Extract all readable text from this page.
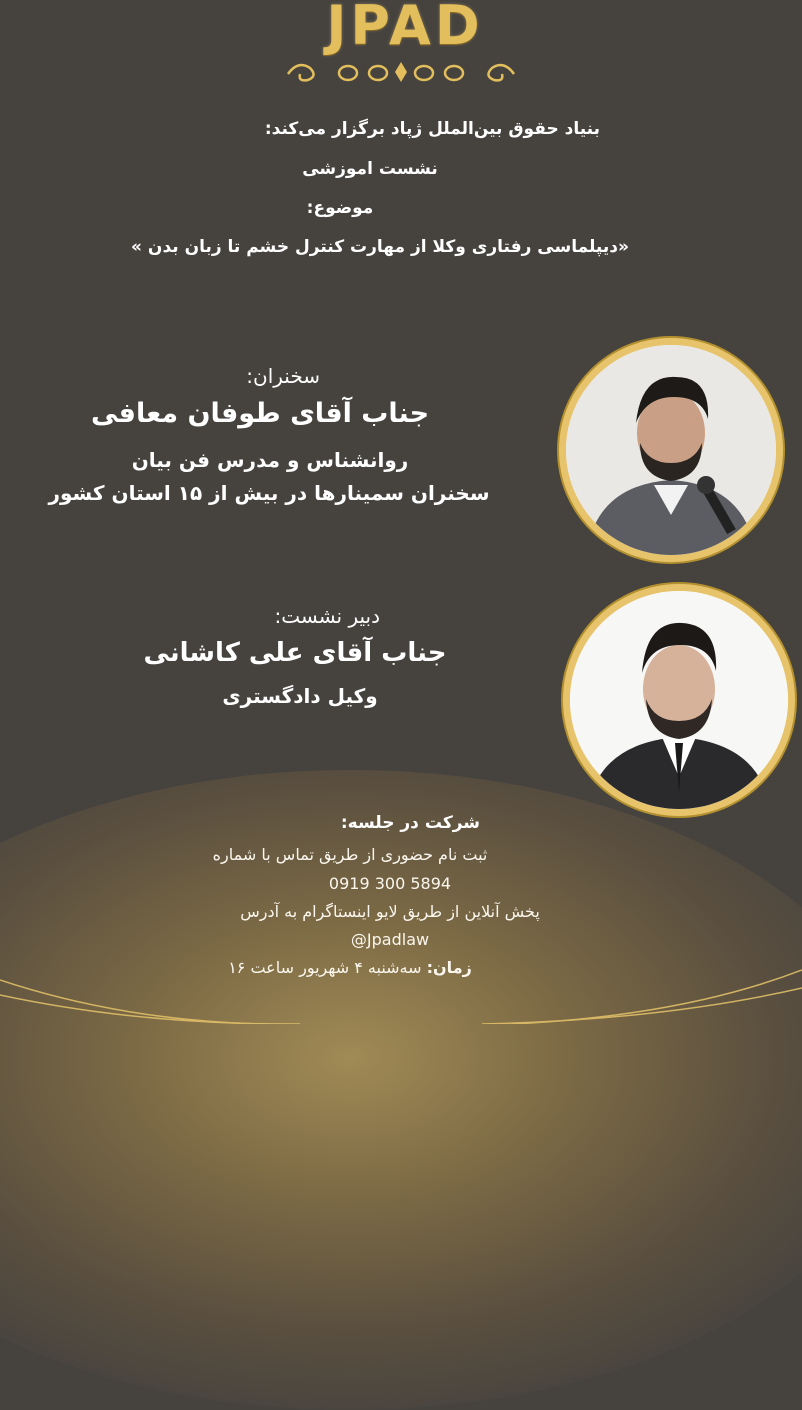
JPAD
بنیاد حقوق بین‌الملل ژپاد برگزار می‌کند:
نشست اموزشی
موضوع:
«دیپلماسی رفتاری وکلا از مهارت کنترل خشم تا زبان بدن »
سخنران:
جناب آقای طوفان معافی
روانشناس و مدرس فن بیان
سخنران سمینارها در بیش از ۱۵ استان کشور
دبیر نشست:
جناب آقای علی کاشانی
وکیل دادگستری
شرکت در جلسه:
ثبت نام حضوری از طریق تماس با شماره
0919 300 5894
پخش آنلاین از طریق لایو اینستاگرام به آدرس
@Jpadlaw
زمان: سه‌شنبه ۴ شهریور ساعت ۱۶
